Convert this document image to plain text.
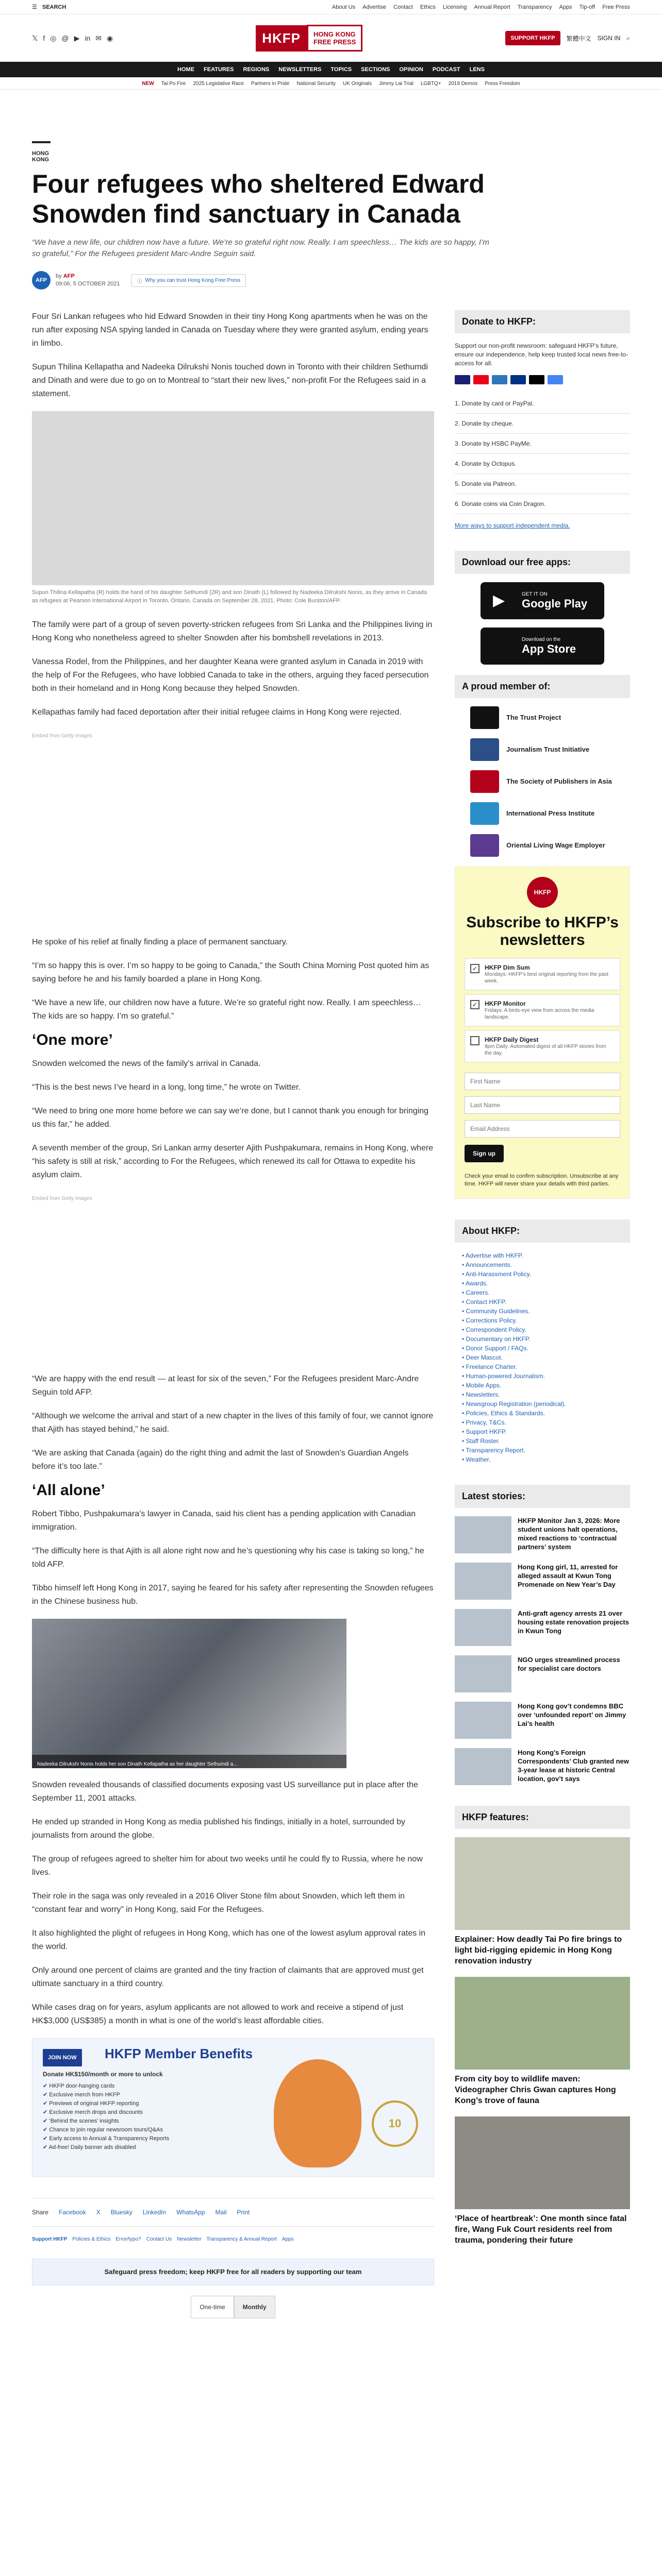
☰ SEARCH	About Us Advertise Contact Ethics Licensing Annual Report Transparency Apps Tip-off Free Press
𝕏 f ◎ @ ▶ in ✉ ◉	HKFP	HONG KONG
FREE PRESS	SUPPORT HKFP	繁體中文 SIGN IN ⌕
HOME FEATURES REGIONS NEWSLETTERS TOPICS SECTIONS OPINION PODCAST LENS
NEW Tai Po Fire 2025 Legislative Race Partners in Pride National Security UK Originals Jimmy Lai Trial LGBTQ+ 2019 Demos Press Freedom
HONG KONG
Four refugees who sheltered Edward Snowden find sanctuary in Canada
“We have a new life, our children now have a future. We’re so grateful right now. Really. I am speechless… The kids are so happy, I’m so grateful,” For the Refugees president Marc-Andre Seguin said.
AFP
by AFP
09:06, 5 OCTOBER 2021	ⓘ Why you can trust Hong Kong Free Press

Four Sri Lankan refugees who hid Edward Snowden in their tiny Hong Kong apartments when he was on the run after exposing NSA spying landed in Canada on Tuesday where they were granted asylum, ending years in limbo.

Supun Thilina Kellapatha and Nadeeka Dilrukshi Nonis touched down in Toronto with their children Sethumdi and Dinath and were due to go on to Montreal to “start their new lives,” non-profit For the Refugees said in a statement.

Supun Thilina Kellapatha (R) holds the hand of his daughter Sethumdi (2R) and son Dinath (L) followed by Nadeeka Dilrukshi Nonis, as they arrive in Canada as refugees at Pearson International Airport in Toronto, Ontario, Canada on September 28, 2021. Photo: Cole Burston/AFP.

The family were part of a group of seven poverty-stricken refugees from Sri Lanka and the Philippines living in Hong Kong who nonetheless agreed to shelter Snowden after his bombshell revelations in 2013.

Vanessa Rodel, from the Philippines, and her daughter Keana were granted asylum in Canada in 2019 with the help of For the Refugees, who have lobbied Canada to take in the others, arguing they faced persecution both in their homeland and in Hong Kong because they helped Snowden.

Kellapathas family had faced deportation after their initial refugee claims in Hong Kong were rejected.

Embed from Getty Images

He spoke of his relief at finally finding a place of permanent sanctuary.

“I’m so happy this is over. I’m so happy to be going to Canada,” the South China Morning Post quoted him as saying before he and his family boarded a plane in Hong Kong.

“We have a new life, our children now have a future. We’re so grateful right now. Really. I am speechless… The kids are so happy. I’m so grateful.”

‘One more’

Snowden welcomed the news of the family’s arrival in Canada.

“This is the best news I’ve heard in a long, long time,” he wrote on Twitter.

“We need to bring one more home before we can say we’re done, but I cannot thank you enough for bringing us this far,” he added.

A seventh member of the group, Sri Lankan army deserter Ajith Pushpakumara, remains in Hong Kong, where “his safety is still at risk,” according to For the Refugees, which renewed its call for Ottawa to expedite his asylum claim.

Embed from Getty Images

“We are happy with the end result — at least for six of the seven,” For the Refugees president Marc-Andre Seguin told AFP.

“Although we welcome the arrival and start of a new chapter in the lives of this family of four, we cannot ignore that Ajith has stayed behind,” he said.

“We are asking that Canada (again) do the right thing and admit the last of Snowden’s Guardian Angels before it’s too late.”

‘All alone’

Robert Tibbo, Pushpakumara’s lawyer in Canada, said his client has a pending application with Canadian immigration.

“The difficulty here is that Ajith is all alone right now and he’s questioning why his case is taking so long,” he told AFP.

Tibbo himself left Hong Kong in 2017, saying he feared for his safety after representing the Snowden refugees in the Chinese business hub.

Nadeeka Dilrukshi Nonis holds her son Dinath Kellapatha as her daughter Sethumdi a...

Snowden revealed thousands of classified documents exposing vast US surveillance put in place after the September 11, 2001 attacks.

He ended up stranded in Hong Kong as media published his findings, initially in a hotel, surrounded by journalists from around the globe.

The group of refugees agreed to shelter him for about two weeks until he could fly to Russia, where he now lives.

Their role in the saga was only revealed in a 2016 Oliver Stone film about Snowden, which left them in “constant fear and worry” in Hong Kong, said For the Refugees.

It also highlighted the plight of refugees in Hong Kong, which has one of the lowest asylum approval rates in the world.

Only around one percent of claims are granted and the tiny fraction of claimants that are approved must get ultimate sanctuary in a third country.

While cases drag on for years, asylum applicants are not allowed to work and receive a stipend of just HK$3,000 (US$385) a month in what is one of the world’s least affordable cities.

JOIN NOW	HKFP Member Benefits
Donate HK$150/month or more to unlock
✔ HKFP door-hanging cards
✔ Exclusive merch from HKFP
✔ Previews of original HKFP reporting
✔ Exclusive merch drops and discounts
✔ ‘Behind the scenes’ insights
✔ Chance to join regular newsroom tours/Q&As
✔ Early access to Annual & Transparency Reports
✔ Ad-free! Daily banner ads disabled
10
Share Facebook X Bluesky LinkedIn WhatsApp Mail Print
Support HKFP Policies & Ethics Error/typo? Contact Us Newsletter Transparency & Annual Report Apps
Safeguard press freedom; keep HKFP free for all readers by supporting our team
One-time	Monthly
Donate to HKFP:

Support our non-profit newsroom: safeguard HKFP’s future, ensure our independence, help keep trusted local news free-to-access for all.

1. Donate by card or PayPal.
2. Donate by cheque.
3. Donate by HSBC PayMe.
4. Donate by Octopus.
5. Donate via Patreon.
6. Donate coins via Coin Dragon.

More ways to support independent media.

Download our free apps:
▶	GET IT ON
Google Play
Download on the
App Store
A proud member of:
The Trust Project
Journalism Trust Initiative
The Society of Publishers in Asia
International Press Institute
Oriental Living Wage Employer
HKFP
Subscribe to HKFP’s newsletters
✓	HKFP Dim Sum
Mondays: HKFP’s best original reporting from the past week.
✓	HKFP Monitor
Fridays: A birds-eye view from across the media landscape.
HKFP Daily Digest
8pm Daily: Automated digest of all HKFP stories from the day.
First Name Last Name Email Address
Sign up
Check your email to confirm subscription. Unsubscribe at any time. HKFP will never share your details with third parties.
About HKFP:
• Advertise with HKFP.
• Announcements.
• Anti-Harassment Policy.
• Awards.
• Careers.
• Contact HKFP.
• Community Guidelines.
• Corrections Policy.
• Correspondent Policy.
• Documentary on HKFP.
• Donor Support / FAQs.
• Deer Mascot.
• Freelance Charter.
• Human-powered Journalism.
• Mobile Apps.
• Newsletters.
• Newsgroup Registration (periodical).
• Policies, Ethics & Standards.
• Privacy, T&Cs.
• Support HKFP.
• Staff Roster.
• Transparency Report.
• Weather.
Latest stories:
HKFP Monitor Jan 3, 2026: More student unions halt operations, mixed reactions to ‘contractual partners’ system
Hong Kong girl, 11, arrested for alleged assault at Kwun Tong Promenade on New Year’s Day
Anti-graft agency arrests 21 over housing estate renovation projects in Kwun Tong
NGO urges streamlined process for specialist care doctors
Hong Kong gov’t condemns BBC over ‘unfounded report’ on Jimmy Lai’s health
Hong Kong’s Foreign Correspondents’ Club granted new 3-year lease at historic Central location, gov’t says
HKFP features:
Explainer: How deadly Tai Po fire brings to light bid-rigging epidemic in Hong Kong renovation industry
From city boy to wildlife maven: Videographer Chris Gwan captures Hong Kong’s trove of fauna
‘Place of heartbreak’: One month since fatal fire, Wang Fuk Court residents reel from trauma, pondering their future
